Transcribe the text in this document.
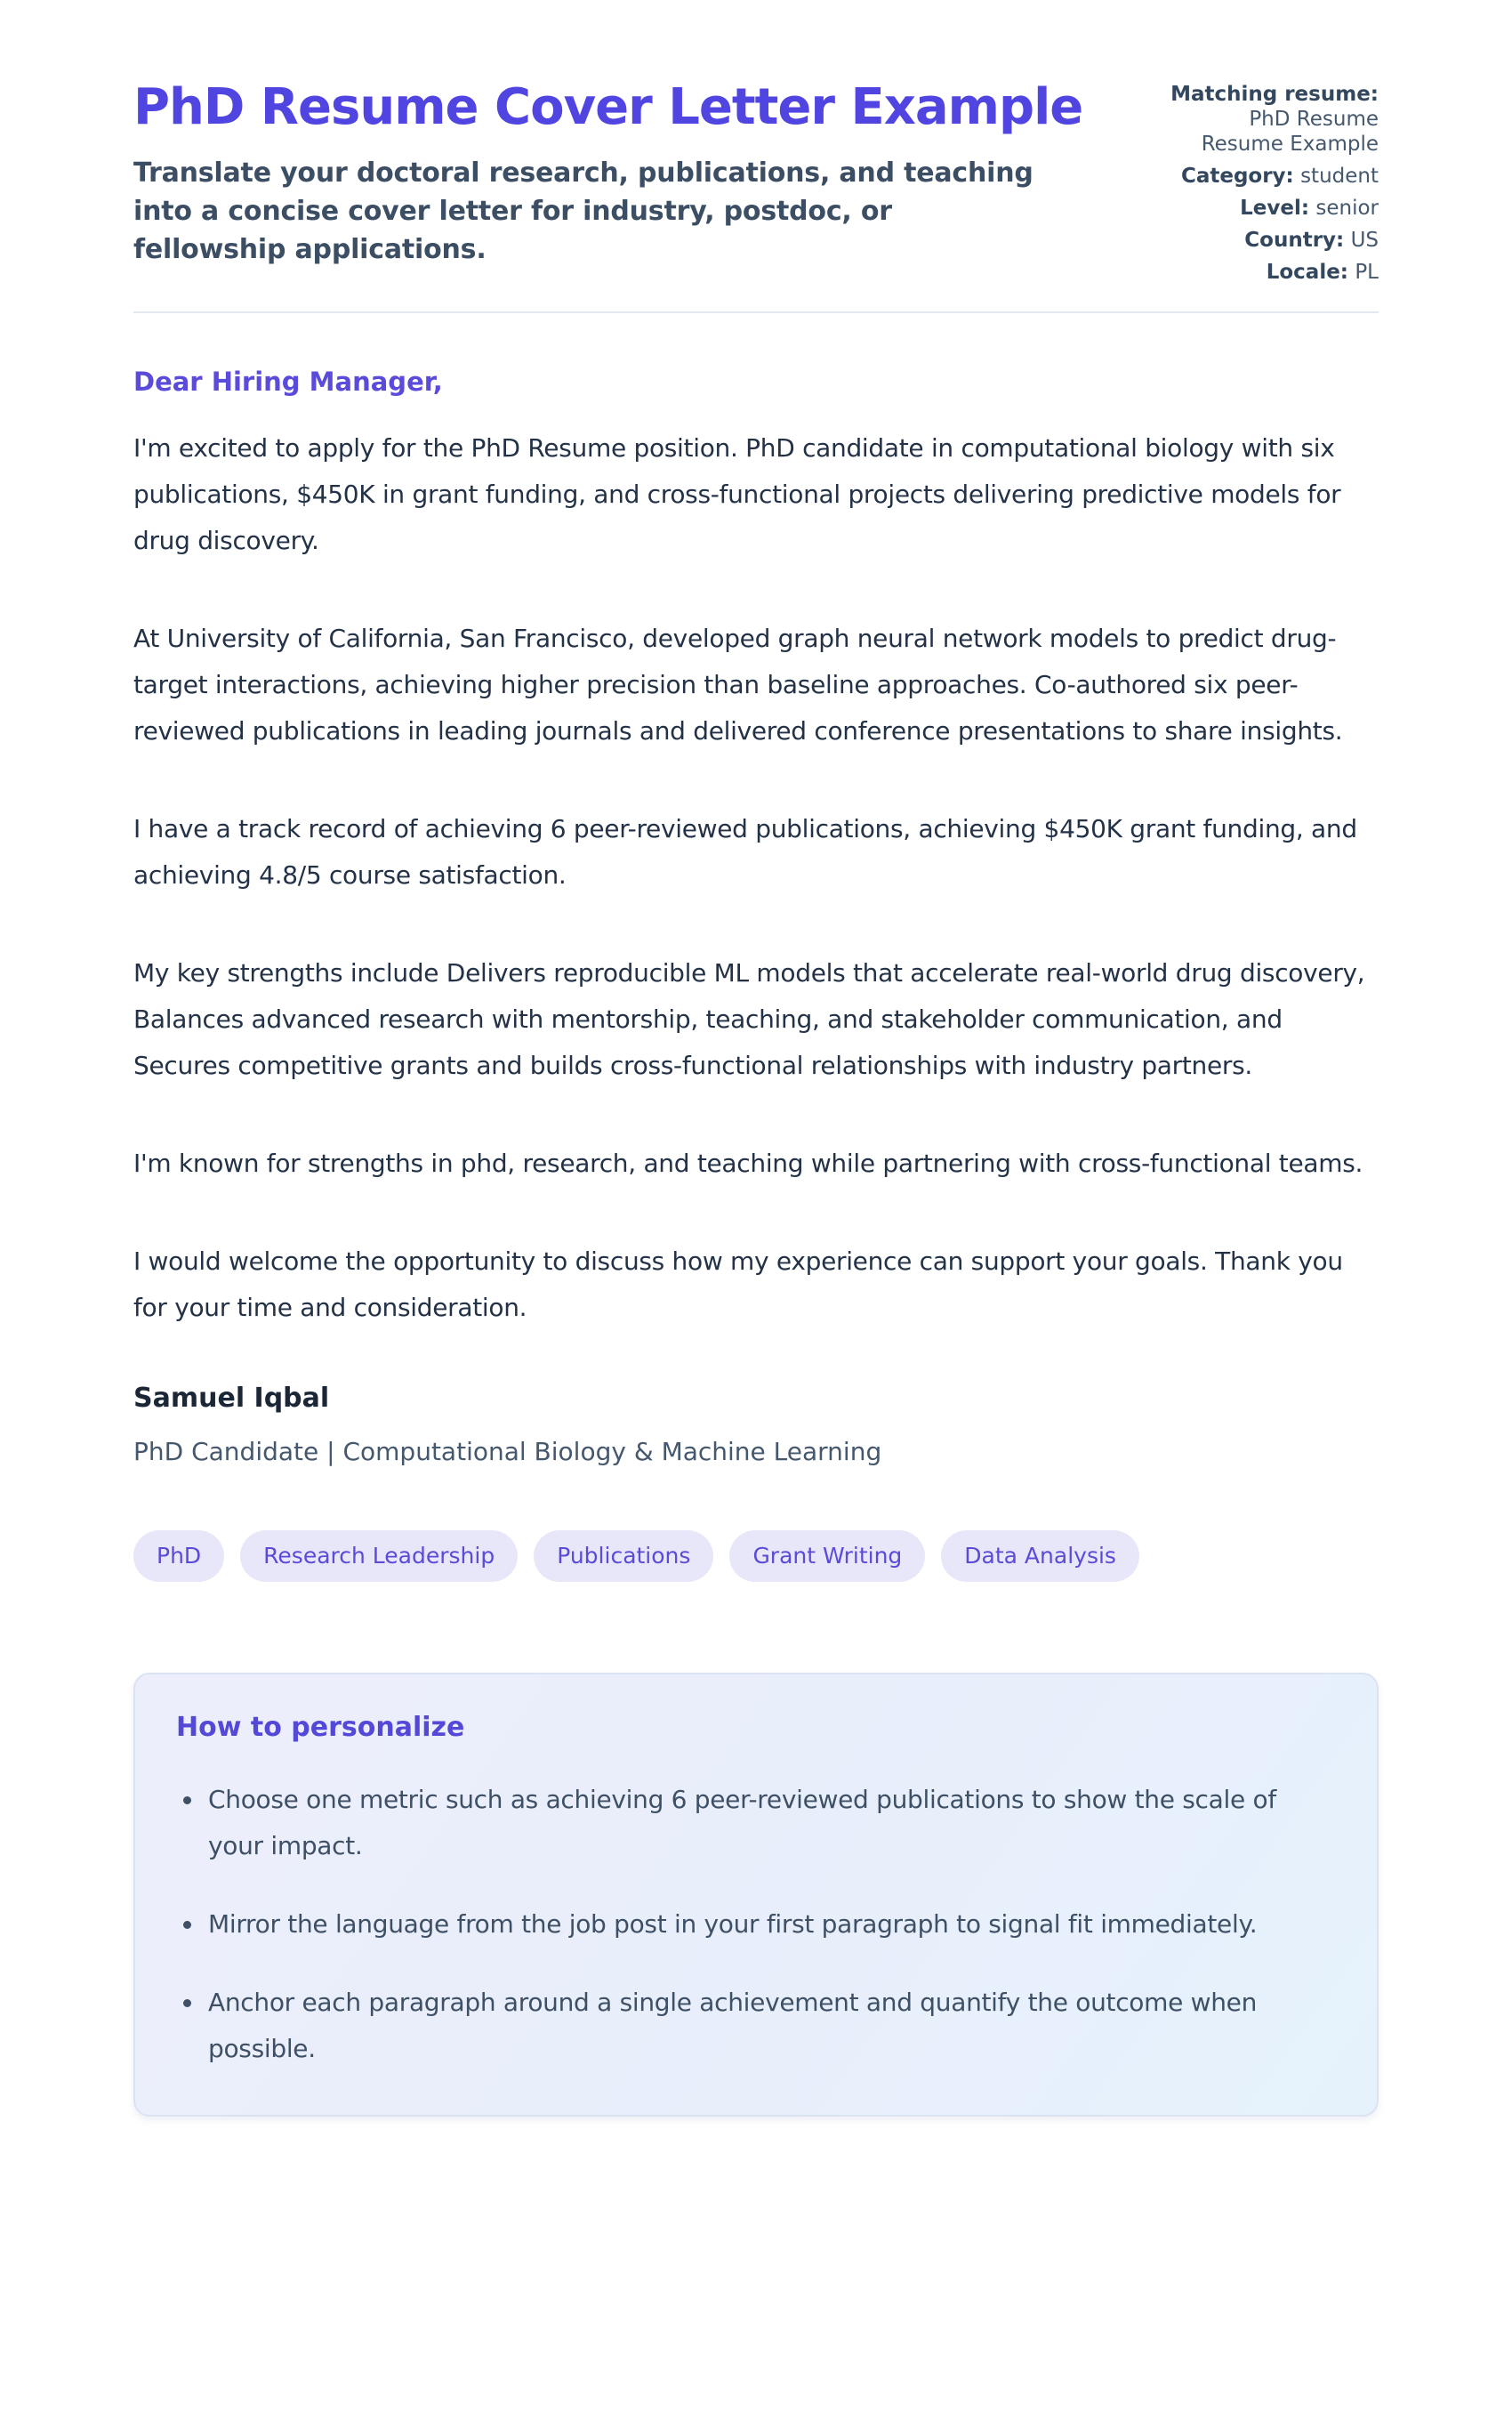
Matching resume:
PhD Resume
Resume Example
Category: student
Level: senior
Country: US
Locale: PL
PhD Resume Cover Letter Example

Translate your doctoral research, publications, and teaching into a concise cover letter for industry, postdoc, or fellowship applications.

Dear Hiring Manager,

I'm excited to apply for the PhD Resume position. PhD candidate in computational biology with six publications, $450K in grant funding, and cross-functional projects delivering predictive models for drug discovery.

At University of California, San Francisco, developed graph neural network models to predict drug-target interactions, achieving higher precision than baseline approaches. Co-authored six peer-reviewed publications in leading journals and delivered conference presentations to share insights.

I have a track record of achieving 6 peer-reviewed publications, achieving $450K grant funding, and achieving 4.8/5 course satisfaction.

My key strengths include Delivers reproducible ML models that accelerate real-world drug discovery, Balances advanced research with mentorship, teaching, and stakeholder communication, and Secures competitive grants and builds cross-functional relationships with industry partners.

I'm known for strengths in phd, research, and teaching while partnering with cross-functional teams.

I would welcome the opportunity to discuss how my experience can support your goals. Thank you for your time and consideration.

Samuel Iqbal
PhD Candidate | Computational Biology & Machine Learning
PhD	Research Leadership	Publications	Grant Writing	Data Analysis
How to personalize
Choose one metric such as achieving 6 peer-reviewed publications to show the scale of your impact.
Mirror the language from the job post in your first paragraph to signal fit immediately.
Anchor each paragraph around a single achievement and quantify the outcome when possible.
